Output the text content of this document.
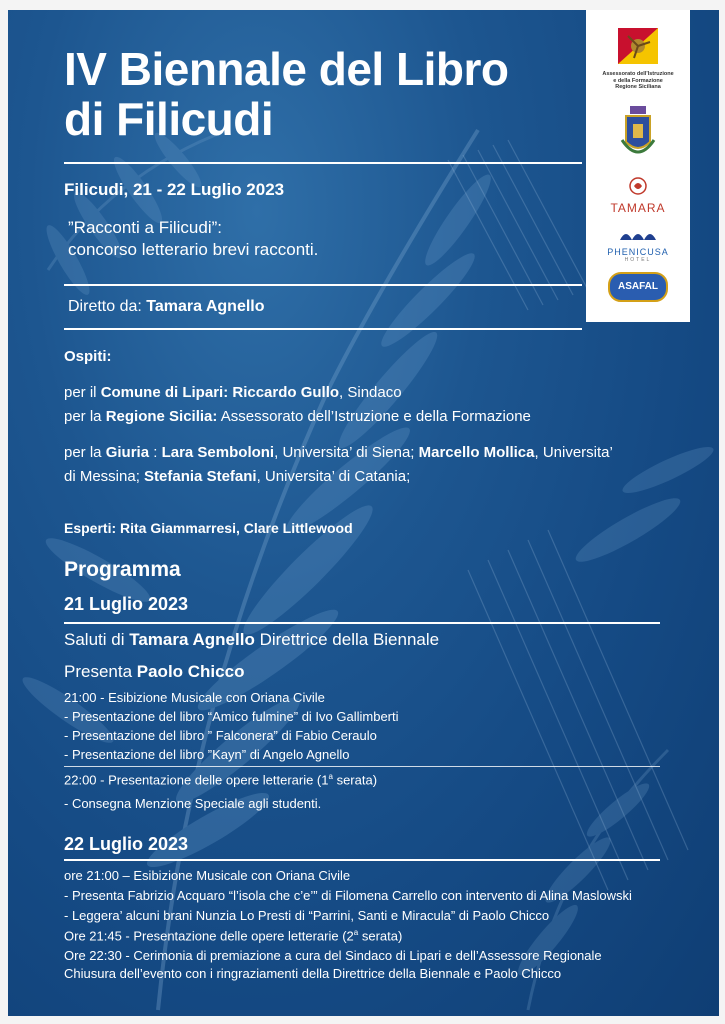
Assessorato dell'Istruzione
e della Formazione
Regione Siciliana
TAMARA
PHENICUSA
HOTEL
ASAFAL
IV Biennale del Libro
di Filicudi
Filicudi, 21 - 22 Luglio 2023
”Racconti a Filicudi”:
concorso letterario brevi racconti.
Diretto da: Tamara Agnello
Ospiti:
per il Comune di Lipari: Riccardo Gullo, Sindaco
per la Regione Sicilia: Assessorato dell’Istruzione e della Formazione
per la Giuria : Lara Semboloni, Universita’ di Siena; Marcello Mollica, Universita’
di Messina; Stefania Stefani, Universita’ di Catania;
Esperti: Rita Giammarresi, Clare Littlewood
Programma
21 Luglio 2023
Saluti di Tamara Agnello Direttrice della Biennale
Presenta Paolo Chicco
21:00 - Esibizione Musicale con Oriana Civile
- Presentazione del libro “Amico fulmine” di Ivo Gallimberti
- Presentazione del libro ” Falconera” di Fabio Ceraulo
- Presentazione del libro ”Kayn” di Angelo Agnello
22:00 - Presentazione delle opere letterarie (1$^a$ serata)
- Consegna Menzione Speciale agli studenti.
22 Luglio 2023
ore 21:00 – Esibizione Musicale con Oriana Civile
- Presenta Fabrizio Acquaro “l’isola che c’e’” di Filomena Carrello con intervento di Alina Maslowski
- Leggera’ alcuni brani Nunzia Lo Presti di “Parrini, Santi e Miracula” di Paolo Chicco
Ore 21:45 - Presentazione delle opere letterarie (2$^a$ serata)
Ore 22:30 - Cerimonia di premiazione a cura del Sindaco di Lipari e dell’Assessore Regionale
Chiusura dell’evento con i ringraziamenti della Direttrice della Biennale e Paolo Chicco
